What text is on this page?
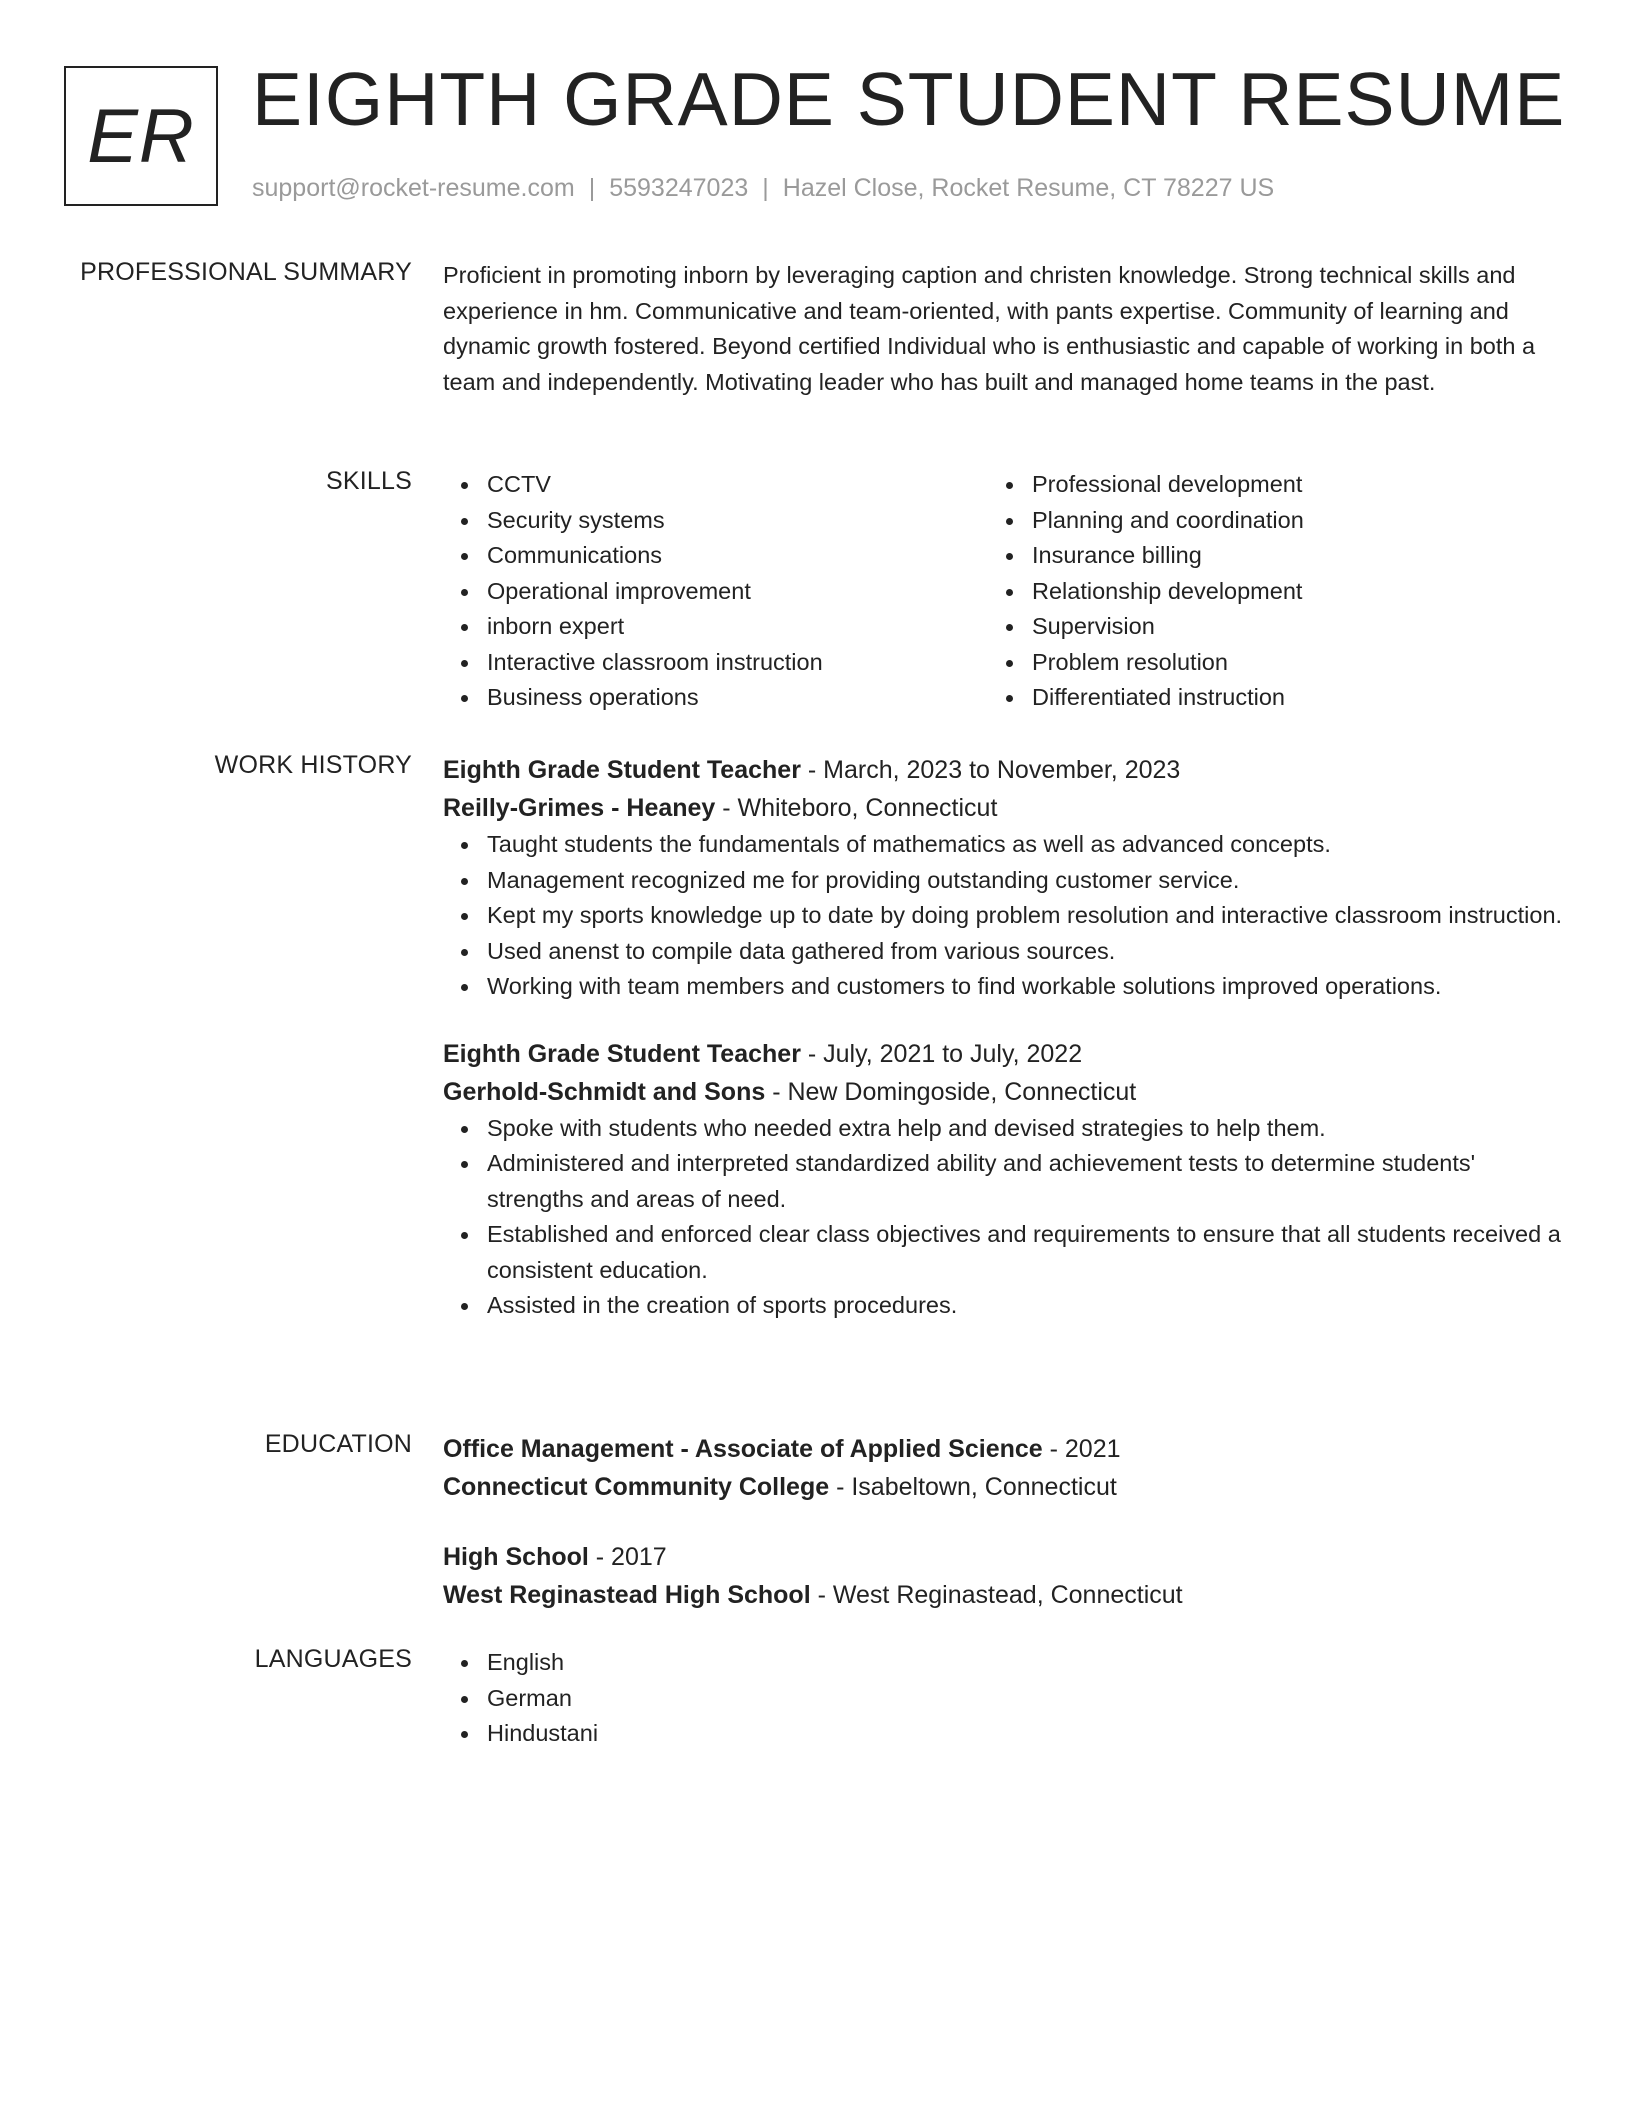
ER EIGHTH GRADE STUDENT RESUME
support@rocket-resume.com | 5593247023 | Hazel Close, Rocket Resume, CT 78227 US
PROFESSIONAL SUMMARY Proficient in promoting inborn by leveraging caption and christen knowledge. Strong technical skills and experience in hm. Communicative and team-oriented, with pants expertise. Community of learning and dynamic growth fostered. Beyond certified Individual who is enthusiastic and capable of working in both a team and independently. Motivating leader who has built and managed home teams in the past.
SKILLS	CCTV
Security systems
Communications
Operational improvement
inborn expert
Interactive classroom instruction
Business operations
Professional development
Planning and coordination
Insurance billing
Relationship development
Supervision
Problem resolution
Differentiated instruction
WORK HISTORY Eighth Grade Student Teacher - March, 2023 to November, 2023
Reilly-Grimes - Heaney - Whiteboro, Connecticut
Taught students the fundamentals of mathematics as well as advanced concepts.
Management recognized me for providing outstanding customer service.
Kept my sports knowledge up to date by doing problem resolution and interactive classroom instruction.
Used anenst to compile data gathered from various sources.
Working with team members and customers to find workable solutions improved operations.
Eighth Grade Student Teacher - July, 2021 to July, 2022
Gerhold-Schmidt and Sons - New Domingoside, Connecticut
Spoke with students who needed extra help and devised strategies to help them.
Administered and interpreted standardized ability and achievement tests to determine students' strengths and areas of need.
Established and enforced clear class objectives and requirements to ensure that all students received a consistent education.
Assisted in the creation of sports procedures.
EDUCATION Office Management - Associate of Applied Science - 2021
Connecticut Community College - Isabeltown, Connecticut
High School - 2017
West Reginastead High School - West Reginastead, Connecticut
LANGUAGES	English
German
Hindustani
